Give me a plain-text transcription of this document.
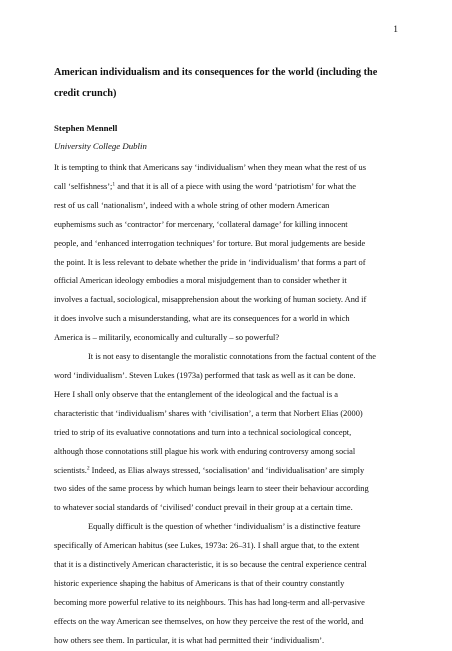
1
American individualism and its consequences for the world (including the
credit crunch)
Stephen Mennell
University College Dublin

It is tempting to think that Americans say ‘individualism’ when they mean what the rest of us
call ‘selfishness’;$^1$ and that it is all of a piece with using the word ‘patriotism’ for what the
rest of us call ‘nationalism’, indeed with a whole string of other modern American
euphemisms such as ‘contractor’ for mercenary, ‘collateral damage’ for killing innocent
people, and ‘enhanced interrogation techniques’ for torture. But moral judgements are beside
the point. It is less relevant to debate whether the pride in ‘individualism’ that forms a part of
official American ideology embodies a moral misjudgement than to consider whether it
involves a factual, sociological, misapprehension about the working of human society. And if
it does involve such a misunderstanding, what are its consequences for a world in which
America is – militarily, economically and culturally – so powerful?

It is not easy to disentangle the moralistic connotations from the factual content of the
word ‘individualism’. Steven Lukes (1973a) performed that task as well as it can be done.
Here I shall only observe that the entanglement of the ideological and the factual is a
characteristic that ‘individualism’ shares with ‘civilisation’, a term that Norbert Elias (2000)
tried to strip of its evaluative connotations and turn into a technical sociological concept,
although those connotations still plague his work with enduring controversy among social
scientists.$^2$ Indeed, as Elias always stressed, ‘socialisation’ and ‘individualisation’ are simply
two sides of the same process by which human beings learn to steer their behaviour according
to whatever social standards of ‘civilised’ conduct prevail in their group at a certain time.

Equally difficult is the question of whether ‘individualism’ is a distinctive feature
specifically of American habitus (see Lukes, 1973a: 26–31). I shall argue that, to the extent
that it is a distinctively American characteristic, it is so because the central experience central
historic experience shaping the habitus of Americans is that of their country constantly
becoming more powerful relative to its neighbours. This has had long-term and all-pervasive
effects on the way American see themselves, on how they perceive the rest of the world, and
how others see them. In particular, it is what had permitted their ‘individualism’.
